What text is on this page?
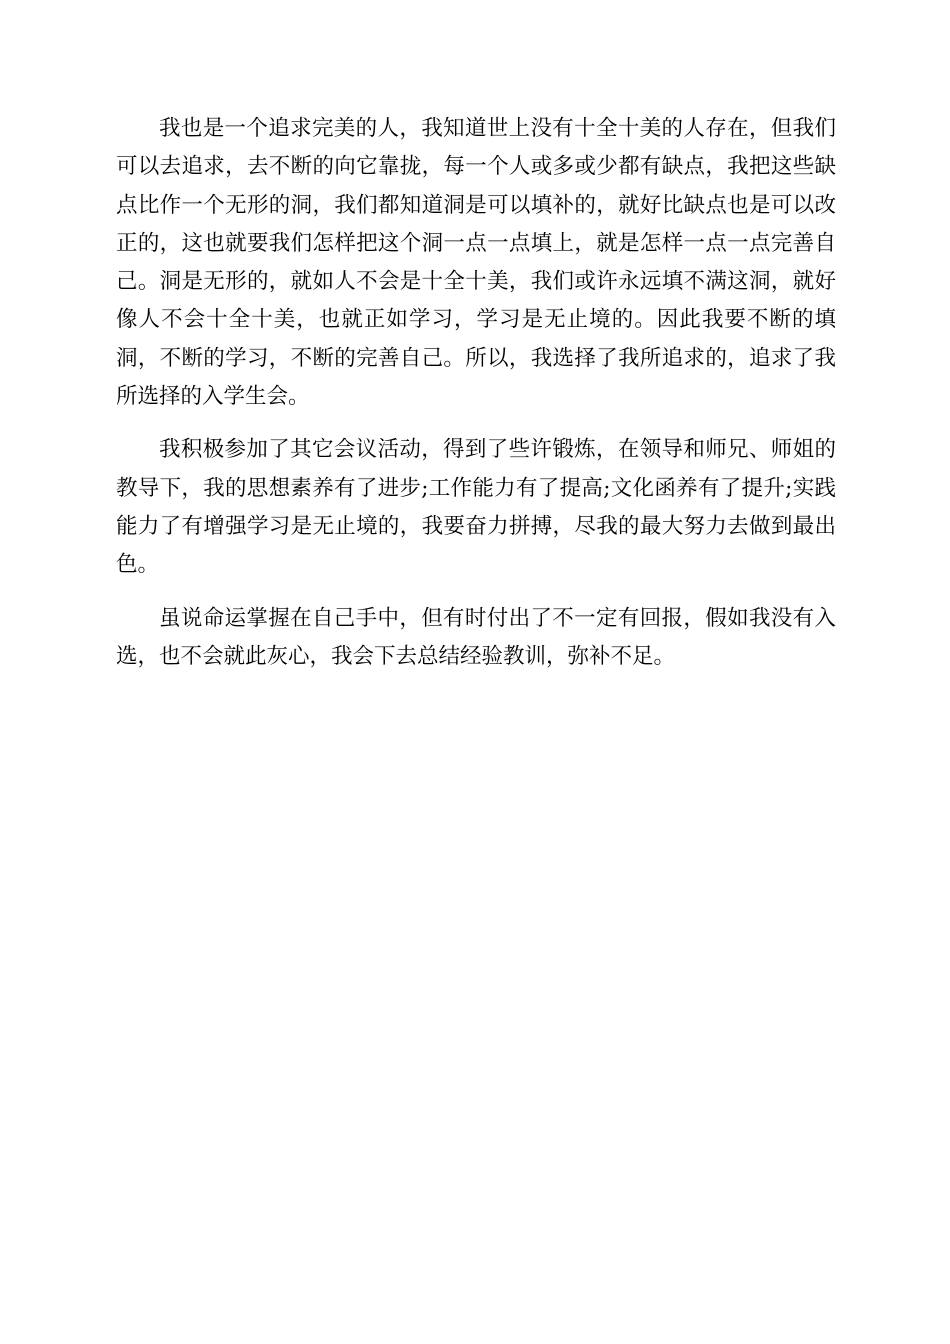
我也是一个追求完美的人，我知道世上没有十全十美的人存在，但我们可以去追求，去不断的向它靠拢，每一个人或多或少都有缺点，我把这些缺点比作一个无形的洞，我们都知道洞是可以填补的，就好比缺点也是可以改正的，这也就要我们怎样把这个洞一点一点填上，就是怎样一点一点完善自己。洞是无形的，就如人不会是十全十美，我们或许永远填不满这洞，就好像人不会十全十美，也就正如学习，学习是无止境的。因此我要不断的填洞，不断的学习，不断的完善自己。所以，我选择了我所追求的，追求了我所选择的入学生会。

我积极参加了其它会议活动，得到了些许锻炼，在领导和师兄、师姐的教导下，我的思想素养有了进步;工作能力有了提高;文化函养有了提升;实践能力了有增强学习是无止境的，我要奋力拼搏，尽我的最大努力去做到最出色。

虽说命运掌握在自己手中，但有时付出了不一定有回报，假如我没有入选，也不会就此灰心，我会下去总结经验教训，弥补不足。
